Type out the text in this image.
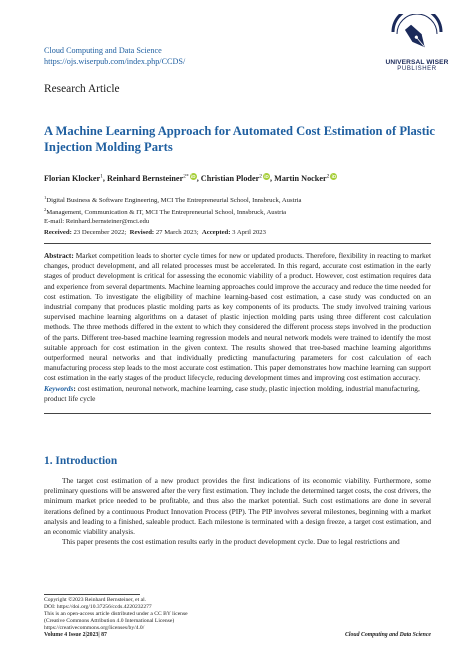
Cloud Computing and Data Science
https://ojs.wiserpub.com/index.php/CCDS/	UNIVERSAL WISER
PUBLISHER
Research Article
A Machine Learning Approach for Automated Cost Estimation of Plastic Injection Molding Parts
Florian Klocker$^1$, Reinhard Bernsteiner$^{2*}$ iD, Christian Ploder$^2$ iD, Martin Nocker$^2$ iD
$^1$Digital Business & Software Engineering, MCI The Entrepreneurial School, Innsbruck, Austria
$^2$Management, Communication & IT, MCI The Entrepreneurial School, Innsbruck, Austria
E-mail: Reinhard.bernsteiner@mci.edu
Received: 23 December 2022; Revised: 27 March 2023; Accepted: 3 April 2023
Abstract: Market competition leads to shorter cycle times for new or updated products. Therefore, flexibility in reacting to market changes, product development, and all related processes must be accelerated. In this regard, accurate cost estimation in the early stages of product development is critical for assessing the economic viability of a product. However, cost estimation requires data and experience from several departments. Machine learning approaches could improve the accuracy and reduce the time needed for cost estimation. To investigate the eligibility of machine learning-based cost estimation, a case study was conducted on an industrial company that produces plastic molding parts as key components of its products. The study involved training various supervised machine learning algorithms on a dataset of plastic injection molding parts using three different cost calculation methods. The three methods differed in the extent to which they considered the different process steps involved in the production of the parts. Different tree-based machine learning regression models and neural network models were trained to identify the most suitable approach for cost estimation in the given context. The results showed that tree-based machine learning algorithms outperformed neural networks and that individually predicting manufacturing parameters for cost calculation of each manufacturing process step leads to the most accurate cost estimation. This paper demonstrates how machine learning can support cost estimation in the early stages of the product lifecycle, reducing development times and improving cost estimation accuracy.
Keywords: cost estimation, neuronal network, machine learning, case study, plastic injection molding, industrial manufacturing, product life cycle
1. Introduction

The target cost estimation of a new product provides the first indications of its economic viability. Furthermore, some preliminary questions will be answered after the very first estimation. They include the determined target costs, the cost drivers, the minimum market price needed to be profitable, and thus also the market potential. Such cost estimations are done in several iterations defined by a continuous Product Innovation Process (PIP). The PIP involves several milestones, beginning with a market analysis and leading to a finished, saleable product. Each milestone is terminated with a design freeze, a target cost estimation, and an economic viability analysis.

This paper presents the cost estimation results early in the product development cycle. Due to legal restrictions and

Copyright ©2023 Reinhard Bernsteiner, et al.
DOI: https://doi.org/10.37256/ccds.4220232277
This is an open-access article distributed under a CC BY license
(Creative Commons Attribution 4.0 International License)
https://creativecommons.org/licenses/by/4.0/
Volume 4 Issue 2|2023| 87	Cloud Computing and Data Science
